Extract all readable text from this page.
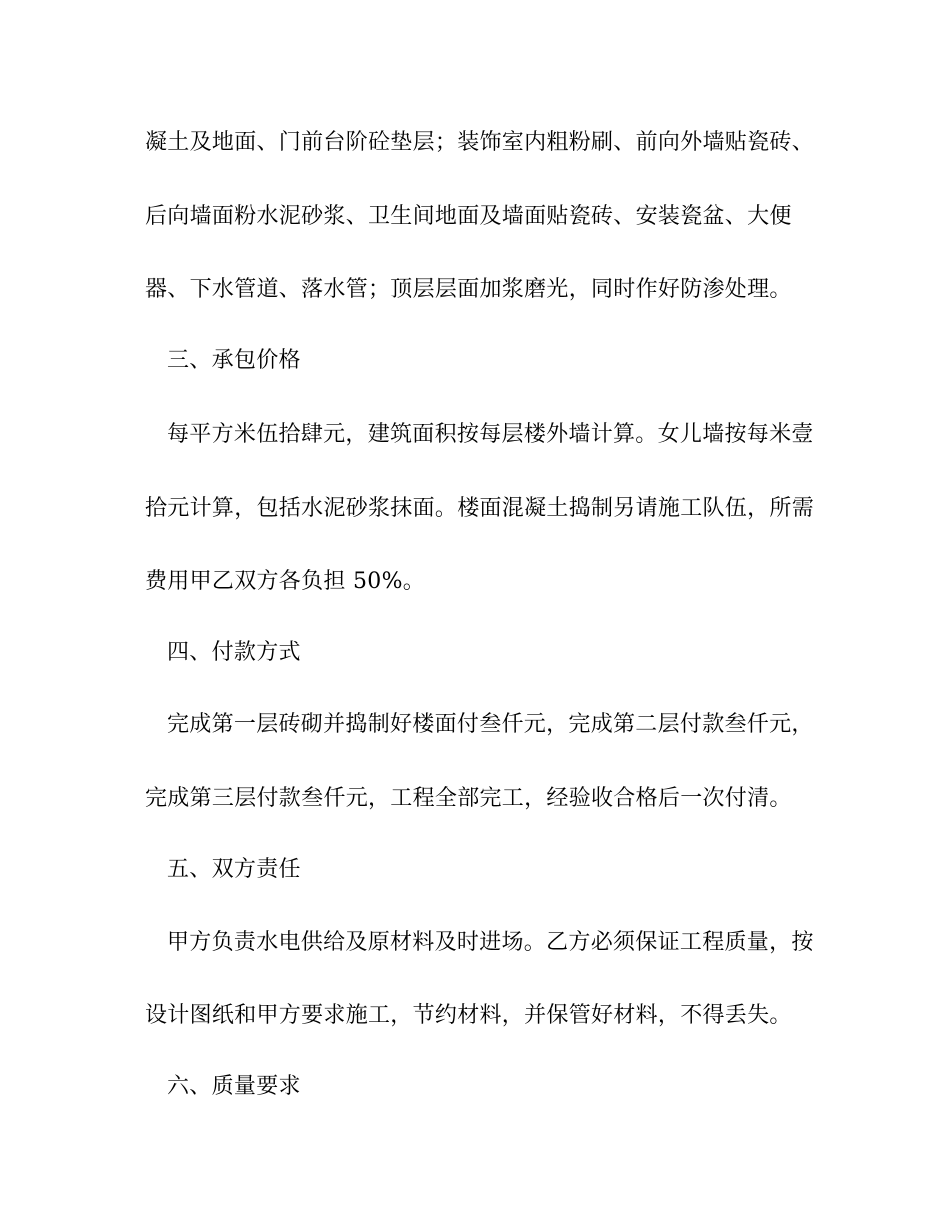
凝土及地面、门前台阶砼垫层；装饰室内粗粉刷、前向外墙贴瓷砖、
后向墙面粉水泥砂浆、卫生间地面及墙面贴瓷砖、安装瓷盆、大便
器、下水管道、落水管；顶层层面加浆磨光，同时作好防渗处理。
三、承包价格
每平方米伍拾肆元，建筑面积按每层楼外墙计算。女儿墙按每米壹
拾元计算，包括水泥砂浆抹面。楼面混凝土捣制另请施工队伍，所需
费用甲乙双方各负担 50%。
四、付款方式
完成第一层砖砌并捣制好楼面付叁仟元，完成第二层付款叁仟元，
完成第三层付款叁仟元，工程全部完工，经验收合格后一次付清。
五、双方责任
甲方负责水电供给及原材料及时进场。乙方必须保证工程质量，按
设计图纸和甲方要求施工，节约材料，并保管好材料，不得丢失。
六、质量要求
